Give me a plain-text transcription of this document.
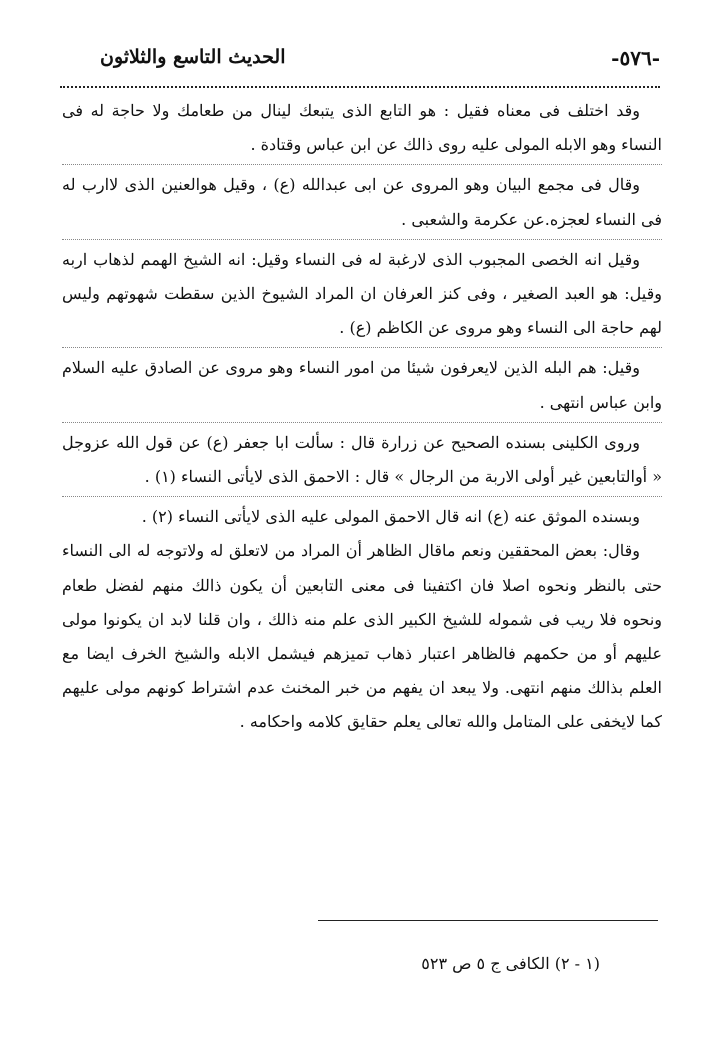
-٥٧٦-
الحديث التاسع والثلاثون

وقد اختلف فى معناه فقيل : هو التابع الذى يتبعك لينال من طعامك ولا حاجة له فى النساء وهو الابله المولى عليه روى ذالك عن ابن عباس وقتادة .

وقال فى مجمع البيان وهو المروى عن ابى عبدالله (ع) ، وقيل هوالعنين الذى لاارب له فى النساء لعجزه.عن عكرمة والشعبى .

وقيل انه الخصى المجبوب الذى لارغبة له فى النساء وقيل: انه الشيخ الهمم لذهاب اربه وقيل: هو العبد الصغير ، وفى كنز العرفان ان المراد الشيوخ الذين سقطت شهوتهم وليس لهم حاجة الى النساء وهو مروى عن الكاظم (ع) .

وقيل: هم البله الذين لايعرفون شيئا من امور النساء وهو مروى عن الصادق عليه السلام وابن عباس انتهى .

وروى الكلينى بسنده الصحيح عن زرارة قال : سألت ابا جعفر (ع) عن قول الله عزوجل « أوالتابعين غير أولى الاربة من الرجال » قال : الاحمق الذى لايأتى النساء (١) .

وبسنده الموثق عنه (ع) انه قال الاحمق المولى عليه الذى لايأتى النساء (٢) .

وقال: بعض المحققين ونعم ماقال الظاهر أن المراد من لاتعلق له ولاتوجه له الى النساء حتى بالنظر ونحوه اصلا فان اكتفينا فى معنى التابعين أن يكون ذالك منهم لفضل طعام ونحوه فلا ريب فى شموله للشيخ الكبير الذى علم منه ذالك ، وان قلنا لابد ان يكونوا مولى عليهم أو من حكمهم فالظاهر اعتبار ذهاب تميزهم فيشمل الابله والشيخ الخرف ايضا مع العلم بذالك منهم انتهى. ولا يبعد ان يفهم من خبر المخنث عدم اشتراط كونهم مولى عليهم كما لايخفى على المتامل والله تعالى يعلم حقايق كلامه واحكامه .

(١ - ٢) الكافى ج ٥ ص ٥٢٣
